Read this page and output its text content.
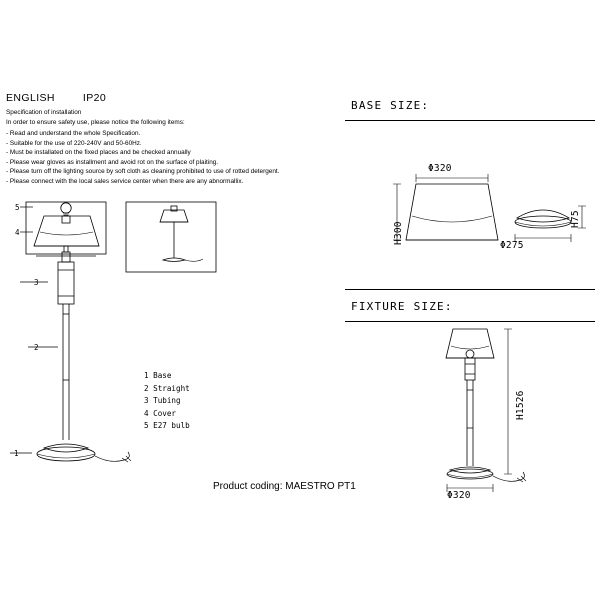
ENGLISH	IP20
Specification of installation
In order to ensure safety use, please notice the following items:
- Read and understand the whole Specification.
- Suitable for the use of 220-240V and 50-60Hz.
- Must be installated on the fixed places and be checked annually
- Please wear gloves as installment and avoid rot on the surface of plaiting.
- Please turn off the lighting source by soft cloth as cleaning prohibited to use of rotted detergent.
- Please connect with the local sales service center when there are any abnormallix.
5
4
3
2
1
1 Base
2 Straight
3 Tubing
4 Cover
5 E27 bulb
Product coding: MAESTRO PT1
BASE SIZE:
Φ320
H300
Φ275
H75
FIXTURE SIZE:
H1526
Φ320
